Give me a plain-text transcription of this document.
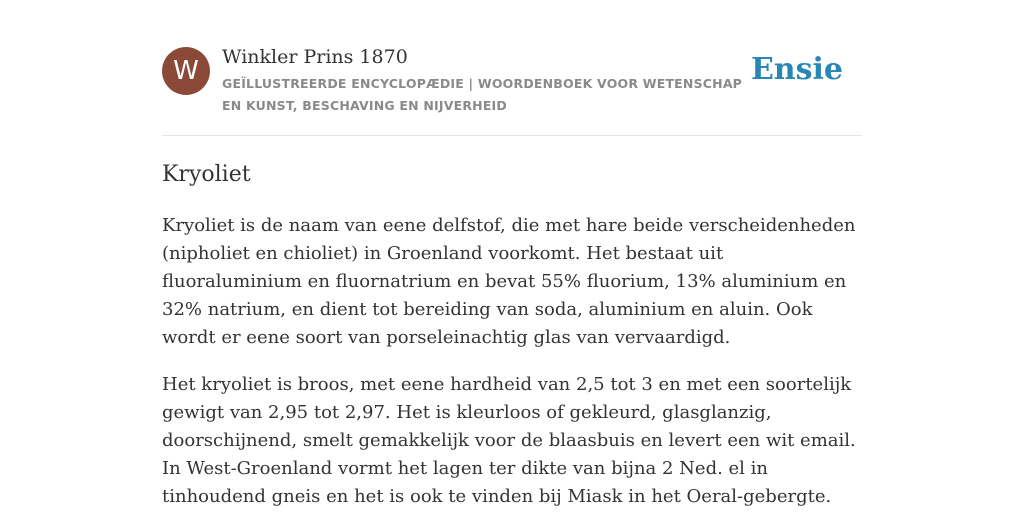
W	Winkler Prins 1870
GEÏLLUSTREERDE ENCYCLOPÆDIE | WOORDENBOEK VOOR WETENSCHAP EN KUNST, BESCHAVING EN NIJVERHEID
Ensie
Kryoliet

Kryoliet is de naam van eene delfstof, die met hare beide verscheidenheden (nipholiet en chioliet) in Groenland voorkomt. Het bestaat uit fluoraluminium en fluornatrium en bevat 55% fluorium, 13% aluminium en 32% natrium, en dient tot bereiding van soda, aluminium en aluin. Ook wordt er eene soort van porseleinachtig glas van vervaardigd.

Het kryoliet is broos, met eene hardheid van 2,5 tot 3 en met een soortelijk gewigt van 2,95 tot 2,97. Het is kleurloos of gekleurd, glasglanzig, doorschijnend, smelt gemakkelijk voor de blaasbuis en levert een wit email. In West-Groenland vormt het lagen ter dikte van bijna 2 Ned. el in tinhoudend gneis en het is ook te vinden bij Miask in het Oeral-gebergte.
